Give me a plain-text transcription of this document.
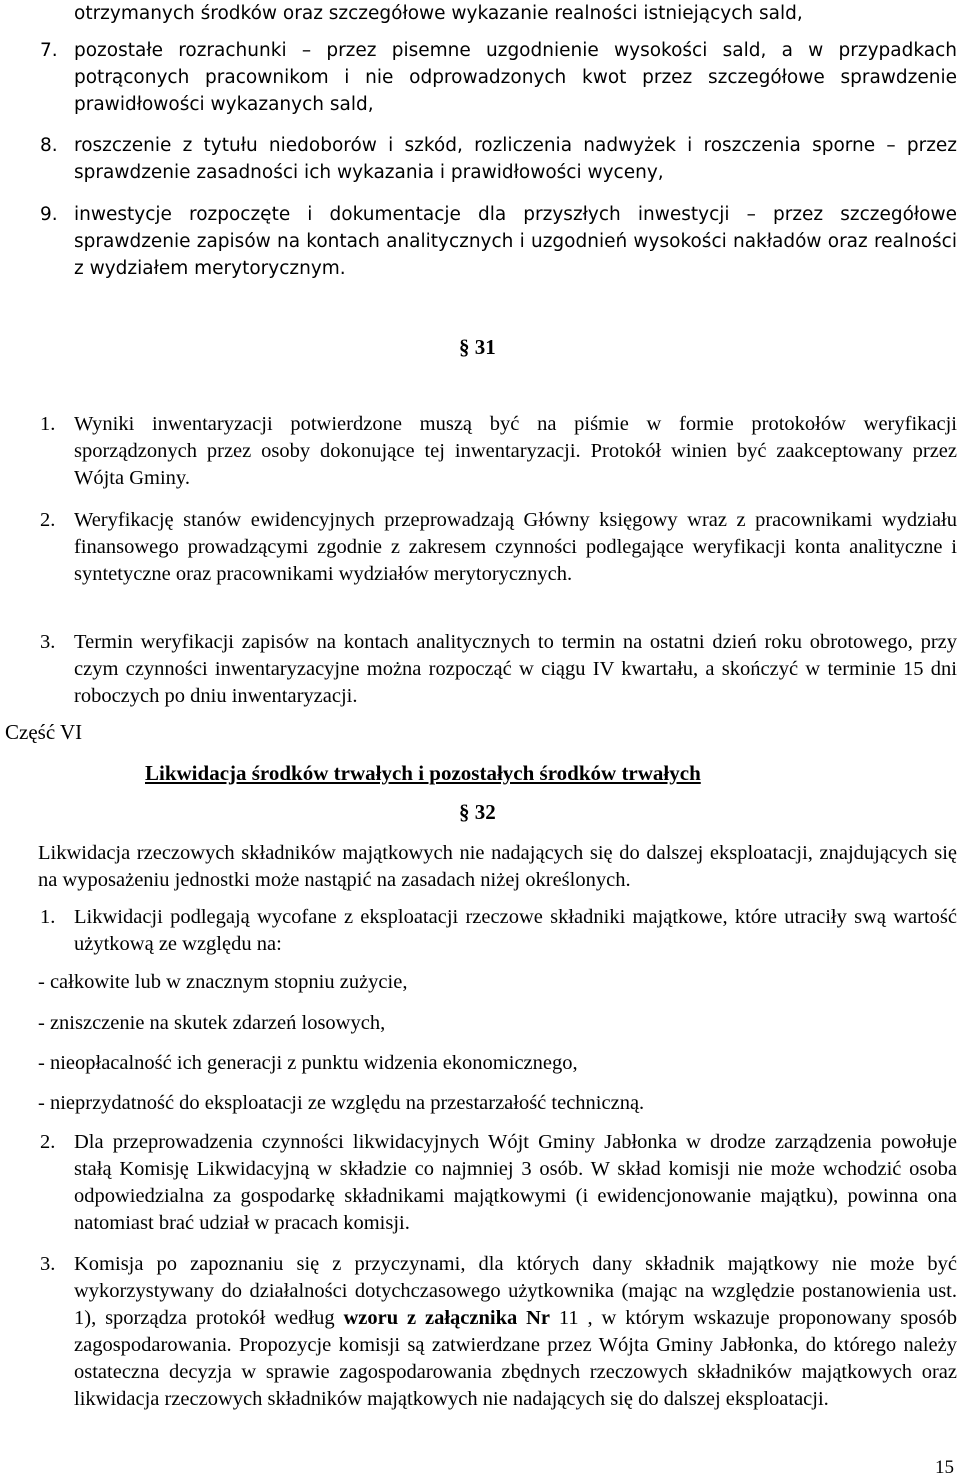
otrzymanych środków oraz szczegółowe wykazanie realności istniejących sald,
7. pozostałe rozrachunki – przez pisemne uzgodnienie wysokości sald, a w przypadkach potrąconych pracownikom i nie odprowadzonych kwot przez szczegółowe sprawdzenie prawidłowości wykazanych sald,
8. roszczenie z tytułu niedoborów i szkód, rozliczenia nadwyżek i roszczenia sporne – przez sprawdzenie zasadności ich wykazania i prawidłowości wyceny,
9. inwestycje rozpoczęte i dokumentacje dla przyszłych inwestycji – przez szczegółowe sprawdzenie zapisów na kontach analitycznych i uzgodnień wysokości nakładów oraz realności z wydziałem merytorycznym.
§ 31
1. Wyniki inwentaryzacji potwierdzone muszą być na piśmie w formie protokołów weryfikacji sporządzonych przez osoby dokonujące tej inwentaryzacji. Protokół winien być zaakceptowany przez Wójta Gminy.
2. Weryfikację stanów ewidencyjnych przeprowadzają Główny księgowy wraz z pracownikami wydziału finansowego prowadzącymi zgodnie z zakresem czynności podlegające weryfikacji konta analityczne i syntetyczne oraz pracownikami wydziałów merytorycznych.
3. Termin weryfikacji zapisów na kontach analitycznych to termin na ostatni dzień roku obrotowego, przy czym czynności inwentaryzacyjne można rozpocząć w ciągu IV kwartału, a skończyć w terminie 15 dni roboczych po dniu inwentaryzacji.
Część VI
Likwidacja środków trwałych i pozostałych środków trwałych
§ 32
Likwidacja rzeczowych składników majątkowych nie nadających się do dalszej eksploatacji, znajdujących się na wyposażeniu jednostki może nastąpić na zasadach niżej określonych.
1. Likwidacji podlegają wycofane z eksploatacji rzeczowe składniki majątkowe, które utraciły swą wartość użytkową ze względu na:
- całkowite lub w znacznym stopniu zużycie,
- zniszczenie na skutek zdarzeń losowych,
- nieopłacalność ich generacji z punktu widzenia ekonomicznego,
- nieprzydatność do eksploatacji ze względu na przestarzałość techniczną.
2. Dla przeprowadzenia czynności likwidacyjnych Wójt Gminy Jabłonka w drodze zarządzenia powołuje stałą Komisję Likwidacyjną w składzie co najmniej 3 osób. W skład komisji nie może wchodzić osoba odpowiedzialna za gospodarkę składnikami majątkowymi (i ewidencjonowanie majątku), powinna ona natomiast brać udział w pracach komisji.
3. Komisja po zapoznaniu się z przyczynami, dla których dany składnik majątkowy nie może być wykorzystywany do działalności dotychczasowego użytkownika (mając na względzie postanowienia ust. 1), sporządza protokół według wzoru z załącznika Nr 11 , w którym wskazuje proponowany sposób zagospodarowania. Propozycje komisji są zatwierdzane przez Wójta Gminy Jabłonka, do którego należy ostateczna decyzja w sprawie zagospodarowania zbędnych rzeczowych składników majątkowych oraz likwidacja rzeczowych składników majątkowych nie nadających się do dalszej eksploatacji.
15
